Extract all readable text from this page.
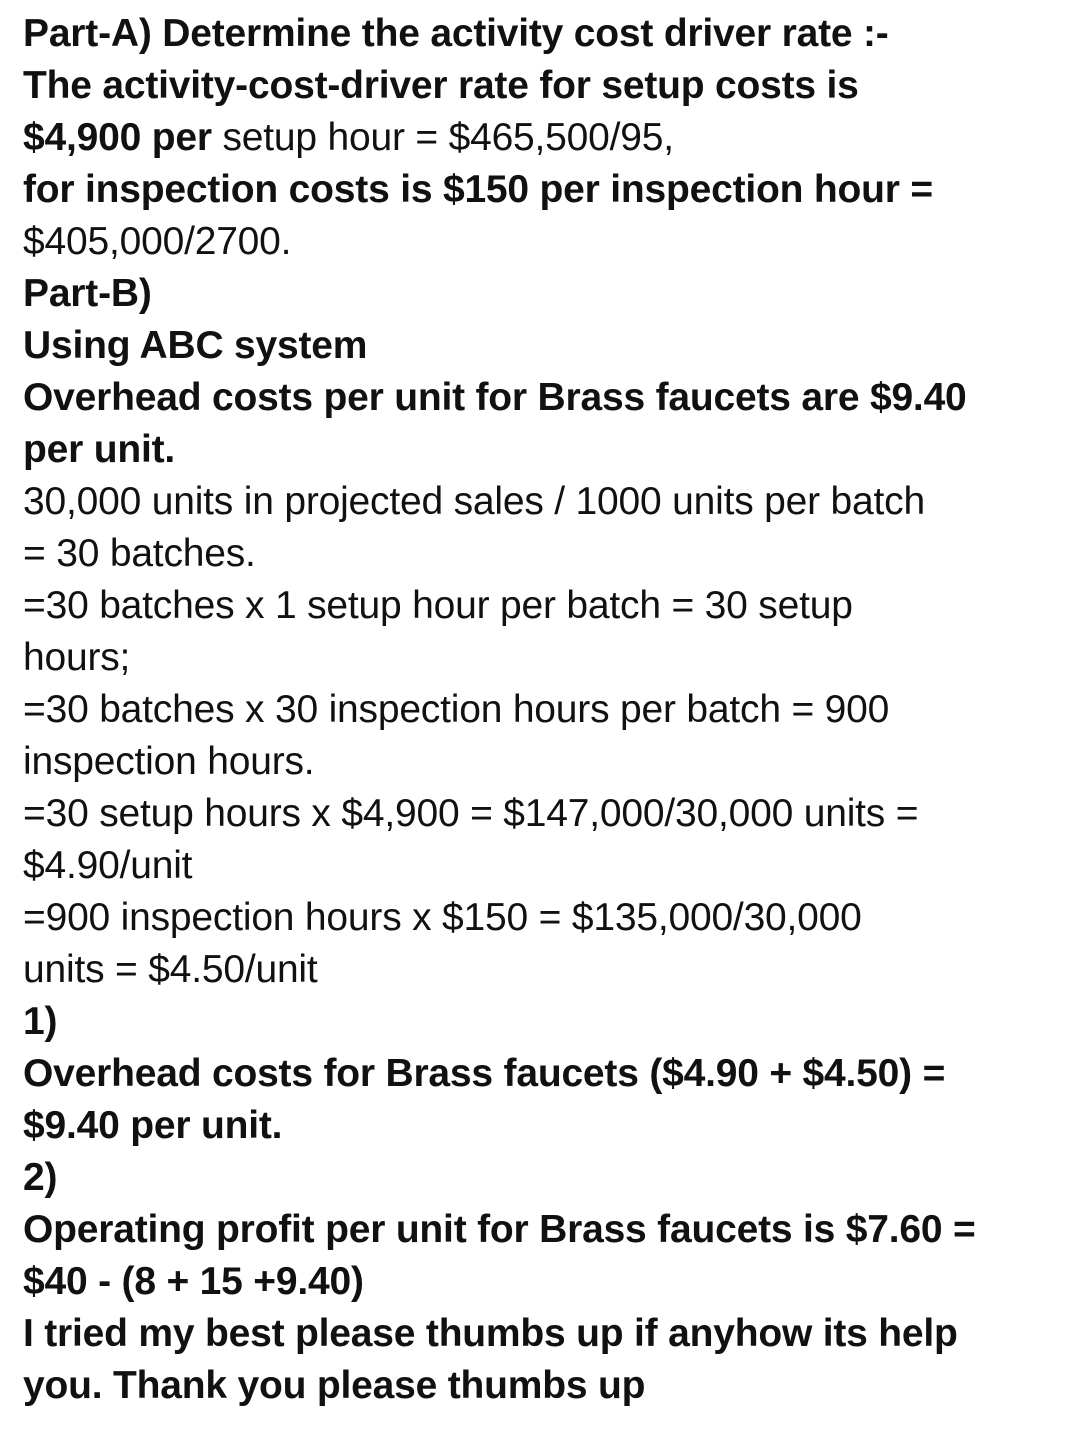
Part-A) Determine the activity cost driver rate :-
The activity-cost-driver rate for setup costs is
$4,900 per setup hour = $465,500/95,
for inspection costs is $150 per inspection hour =
$405,000/2700.
Part-B)
Using ABC system
Overhead costs per unit for Brass faucets are $9.40
per unit.
30,000 units in projected sales / 1000 units per batch
= 30 batches.
=30 batches x 1 setup hour per batch = 30 setup
hours;
=30 batches x 30 inspection hours per batch = 900
inspection hours.
=30 setup hours x $4,900 = $147,000/30,000 units =
$4.90/unit
=900 inspection hours x $150 = $135,000/30,000
units = $4.50/unit
1)
Overhead costs for Brass faucets ($4.90 + $4.50) =
$9.40 per unit.
2)
Operating profit per unit for Brass faucets is $7.60 =
$40 - (8 + 15 +9.40)
I tried my best please thumbs up if anyhow its help
you. Thank you please thumbs up
